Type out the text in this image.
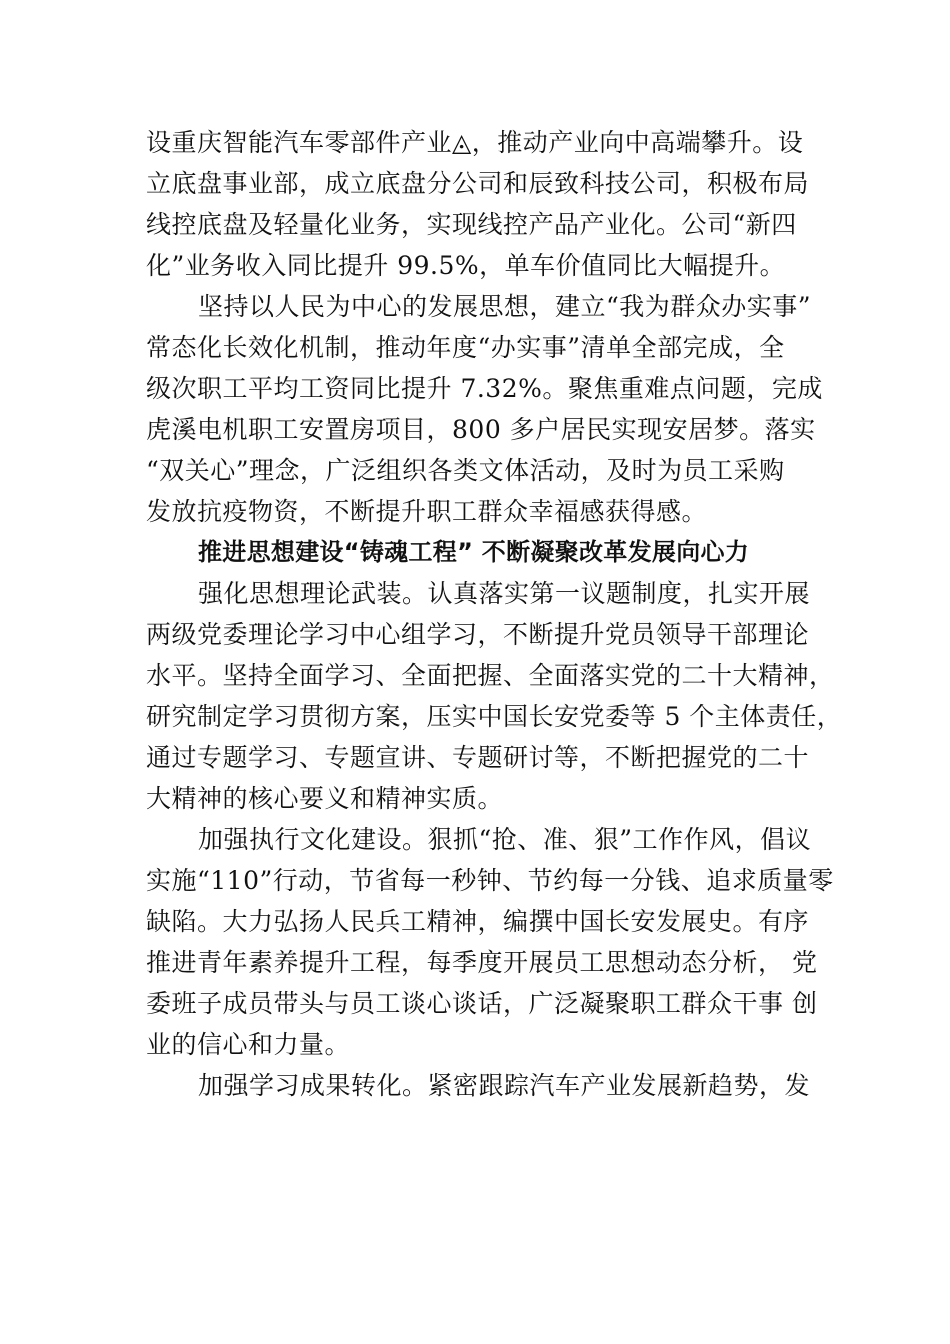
设重庆智能汽车零部件产业◬，推动产业向中高端攀升。设
立底盘事业部，成立底盘分公司和辰致科技公司，积极布局
线控底盘及轻量化业务，实现线控产品产业化。公司“新四
化”业务收入同比提升 99.5%，单车价值同比大幅提升。
坚持以人民为中心的发展思想，建立“我为群众办实事”
常态化长效化机制，推动年度“办实事”清单全部完成，全
级次职工平均工资同比提升 7.32%。聚焦重难点问题，完成
虎溪电机职工安置房项目，800 多户居民实现安居梦。落实
“双关心”理念，广泛组织各类文体活动，及时为员工采购
发放抗疫物资，不断提升职工群众幸福感获得感。
推进思想建设“铸魂工程” 不断凝聚改革发展向心力
强化思想理论武装。认真落实第一议题制度，扎实开展
两级党委理论学习中心组学习，不断提升党员领导干部理论
水平。坚持全面学习、全面把握、全面落实党的二十大精神，
研究制定学习贯彻方案，压实中国长安党委等 5 个主体责任，
通过专题学习、专题宣讲、专题研讨等，不断把握党的二十
大精神的核心要义和精神实质。
加强执行文化建设。狠抓“抢、准、狠”工作作风，倡议
实施“110”行动，节省每一秒钟、节约每一分钱、追求质量零
缺陷。大力弘扬人民兵工精神，编撰中国长安发展史。有序
推进青年素养提升工程，每季度开展员工思想动态分析， 党
委班子成员带头与员工谈心谈话，广泛凝聚职工群众干事 创
业的信心和力量。
加强学习成果转化。紧密跟踪汽车产业发展新趋势，发
